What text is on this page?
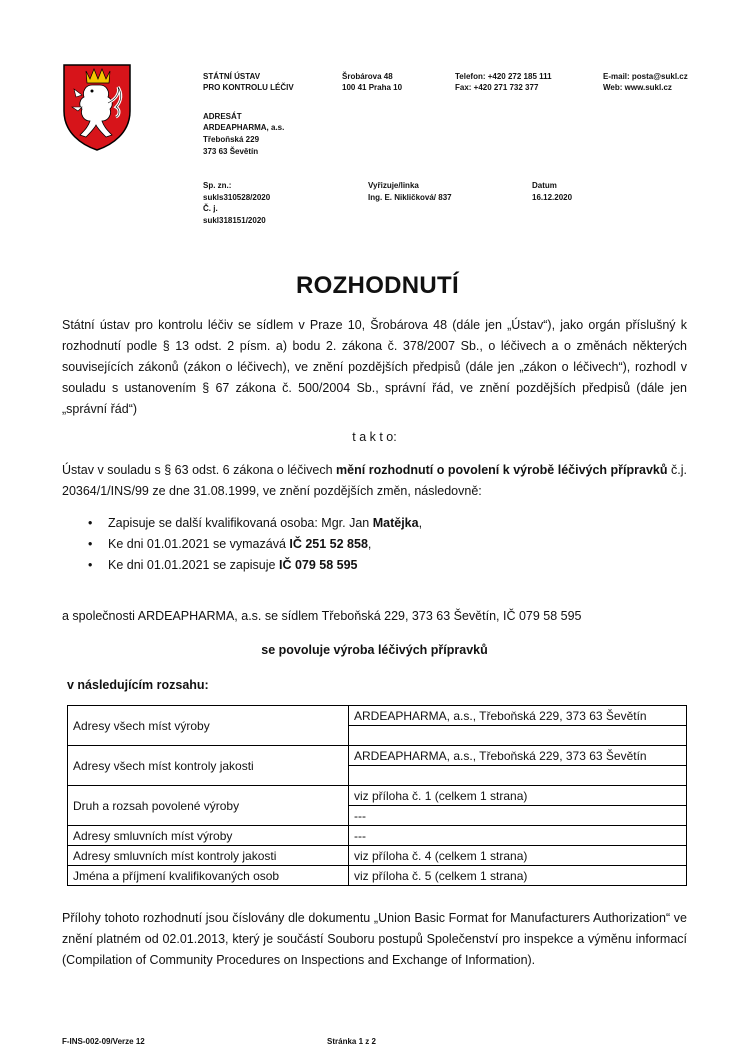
STÁTNÍ ÚSTAV
PRO KONTROLU LÉČIV
Šrobárova 48
100 41 Praha 10
Telefon: +420 272 185 111
Fax: +420 271 732 377
E-mail: posta@sukl.cz
Web: www.sukl.cz
ADRESÁT
ARDEAPHARMA, a.s.
Třeboňská 229
373 63 Ševětín
Sp. zn.:
sukls310528/2020
Č. j.
sukl318151/2020
Vyřizuje/linka
Ing. E. Nikličková/ 837
Datum
16.12.2020
ROZHODNUTÍ
Státní ústav pro kontrolu léčiv se sídlem v Praze 10, Šrobárova 48 (dále jen „Ústav“), jako orgán příslušný k rozhodnutí podle § 13 odst. 2 písm. a) bodu 2. zákona č. 378/2007 Sb., o léčivech a o změnách některých souvisejících zákonů (zákon o léčivech), ve znění pozdějších předpisů (dále jen „zákon o léčivech“), rozhodl v souladu s ustanovením § 67 zákona č. 500/2004 Sb., správní řád, ve znění pozdějších předpisů (dále jen „správní řád“)
t a k t o:
Ústav v souladu s § 63 odst. 6 zákona o léčivech mění rozhodnutí o povolení k výrobě léčivých přípravků č.j. 20364/1/INS/99 ze dne 31.08.1999, ve znění pozdějších změn, následovně:
• Zapisuje se další kvalifikovaná osoba: Mgr. Jan Matějka,
• Ke dni 01.01.2021 se vymazává IČ 251 52 858,
• Ke dni 01.01.2021 se zapisuje IČ 079 58 595
a společnosti ARDEAPHARMA, a.s. se sídlem Třeboňská 229, 373 63 Ševětín, IČ 079 58 595
se povoluje výroba léčivých přípravků
v následujícím rozsahu:
Adresy všech míst výroby	ARDEAPHARMA, a.s., Třeboňská 229, 373 63 Ševětín

Adresy všech míst kontroly jakosti	ARDEAPHARMA, a.s., Třeboňská 229, 373 63 Ševětín

Druh a rozsah povolené výroby	viz příloha č. 1 (celkem 1 strana)
	---
Adresy smluvních míst výroby	---
Adresy smluvních míst kontroly jakosti	viz příloha č. 4 (celkem 1 strana)
Jména a příjmení kvalifikovaných osob	viz příloha č. 5 (celkem 1 strana)
Přílohy tohoto rozhodnutí jsou číslovány dle dokumentu „Union Basic Format for Manufacturers Authorization“ ve znění platném od 02.01.2013, který je součástí Souboru postupů Společenství pro inspekce a výměnu informací (Compilation of Community Procedures on Inspections and Exchange of Information).
F-INS-002-09/Verze 12	Stránka 1 z 2
